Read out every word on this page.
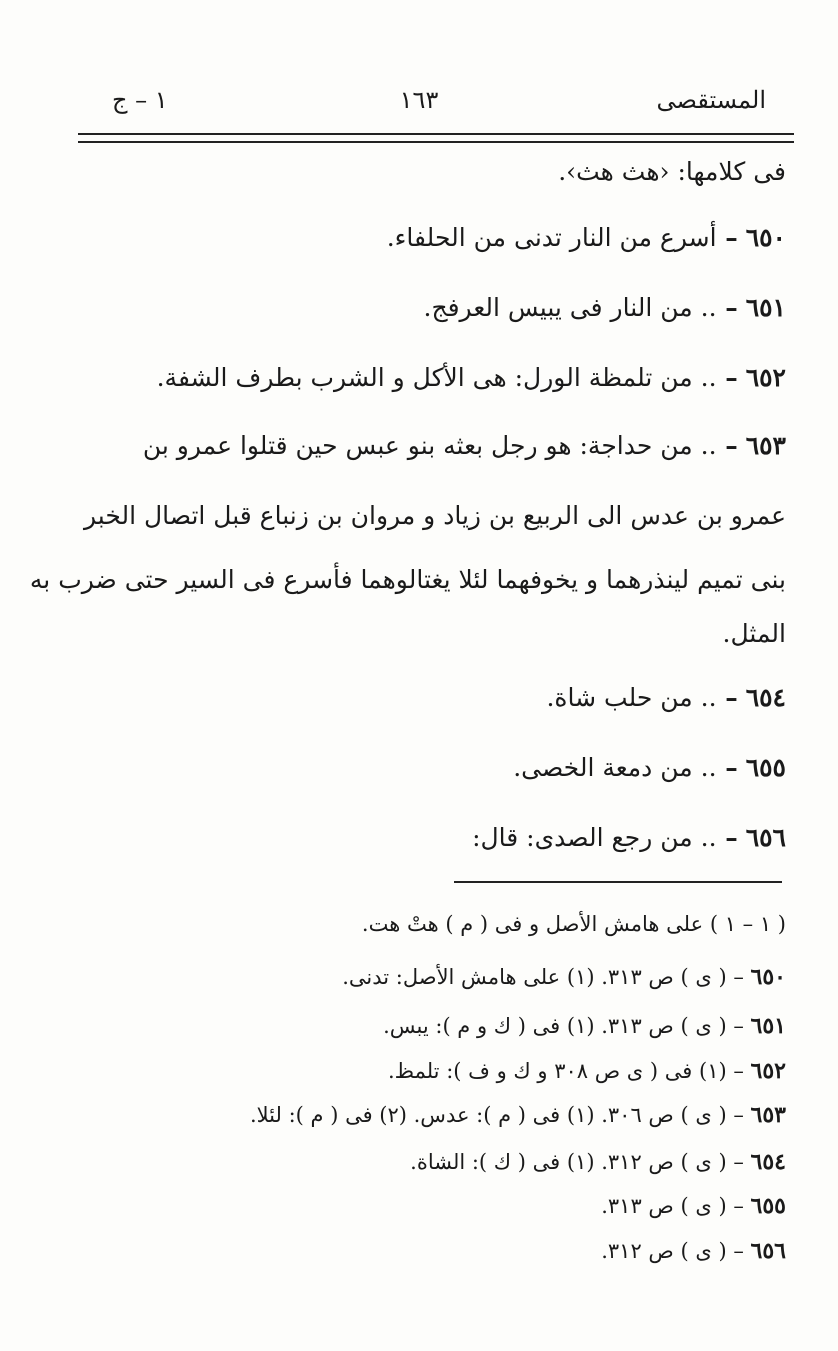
المستقصى
١٦٣
١ – ج
فى كلامها: ‹هث هث›.
٦٥٠ – أسرع من النار تدنى من الحلفاء.
٦٥١ – .. من النار فى يبيس العرفج.
٦٥٢ – .. من تلمظة الورل: هى الأكل و الشرب بطرف الشفة.
٦٥٣ – .. من حداجة: هو رجل بعثه بنو عبس حين قتلوا عمرو بن
عمرو بن عدس الى الربيع بن زياد و مروان بن زنباع قبل اتصال الخبر
بنى تميم لينذرهما و يخوفهما لئلا يغتالوهما فأسرع فى السير حتى ضرب به
المثل.
٦٥٤ – .. من حلب شاة.
٦٥٥ – .. من دمعة الخصى.
٦٥٦ – .. من رجع الصدى: قال:
( ١ – ١ ) على هامش الأصل و فى ( م ) هتْ هت.
٦٥٠ – ( ى ) ص ٣١٣. (١) على هامش الأصل: تدنى.
٦٥١ – ( ى ) ص ٣١٣. (١) فى ( ك و م ): يبس.
٦٥٢ – (١) فى ( ى ص ٣٠٨ و ك و ف ): تلمظ.
٦٥٣ – ( ى ) ص ٣٠٦. (١) فى ( م ): عدس. (٢) فى ( م ): لئلا.
٦٥٤ – ( ى ) ص ٣١٢. (١) فى ( ك ): الشاة.
٦٥٥ – ( ى ) ص ٣١٣.
٦٥٦ – ( ى ) ص ٣١٢.
